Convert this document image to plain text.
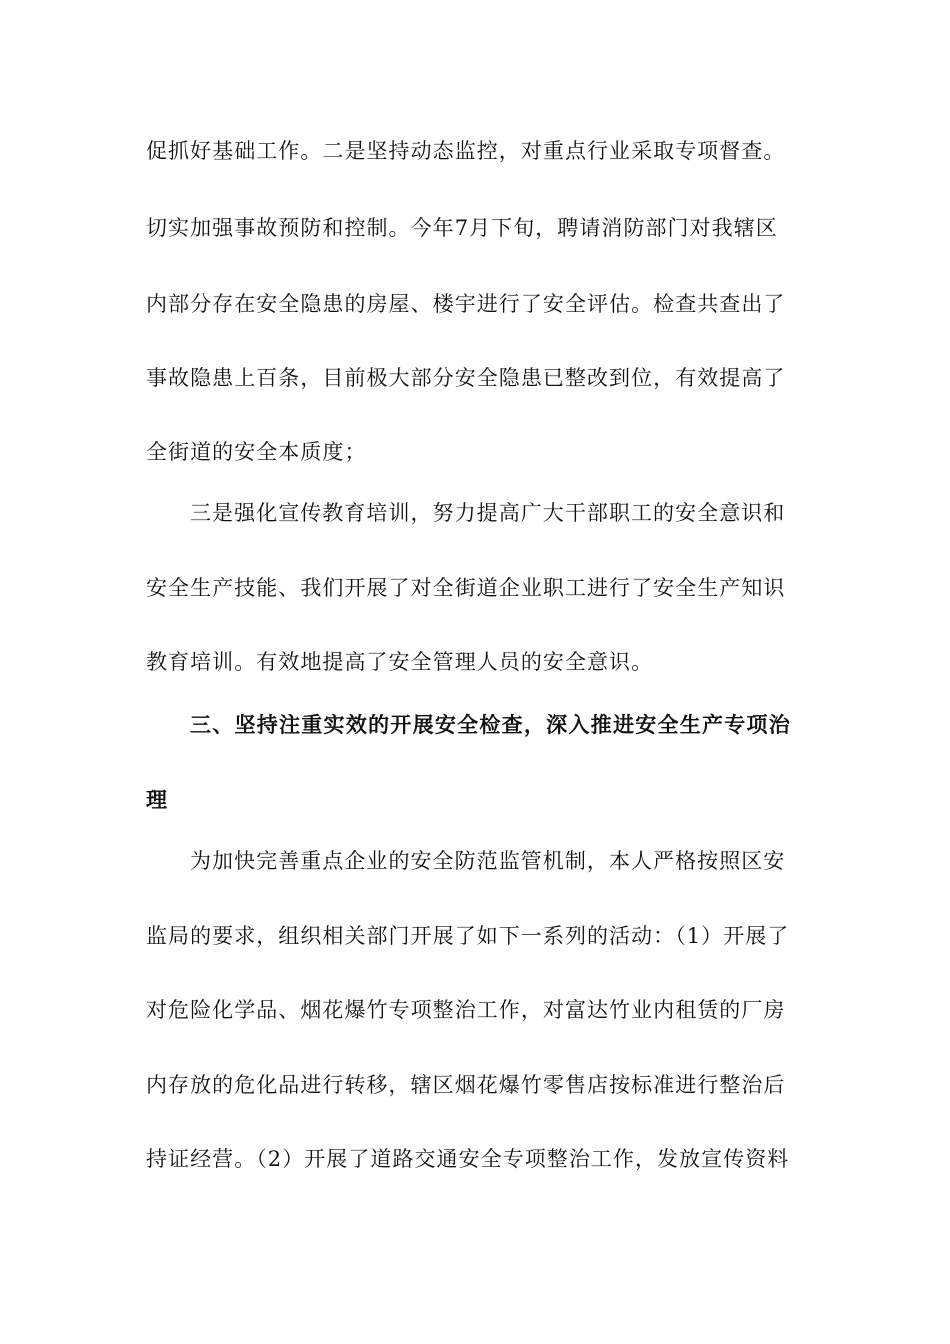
促抓好基础工作。二是坚持动态监控，对重点行业采取专项督查。

切实加强事故预防和控制。今年7月下旬，聘请消防部门对我辖区

内部分存在安全隐患的房屋、楼宇进行了安全评估。检查共查出了

事故隐患上百条，目前极大部分安全隐患已整改到位，有效提高了

全街道的安全本质度；

三是强化宣传教育培训，努力提高广大干部职工的安全意识和

安全生产技能、我们开展了对全街道企业职工进行了安全生产知识

教育培训。有效地提高了安全管理人员的安全意识。

三、坚持注重实效的开展安全检查，深入推进安全生产专项治

理

为加快完善重点企业的安全防范监管机制，本人严格按照区安

监局的要求，组织相关部门开展了如下一系列的活动：（1）开展了

对危险化学品、烟花爆竹专项整治工作，对富达竹业内租赁的厂房

内存放的危化品进行转移，辖区烟花爆竹零售店按标准进行整治后

持证经营。（2）开展了道路交通安全专项整治工作，发放宣传资料
